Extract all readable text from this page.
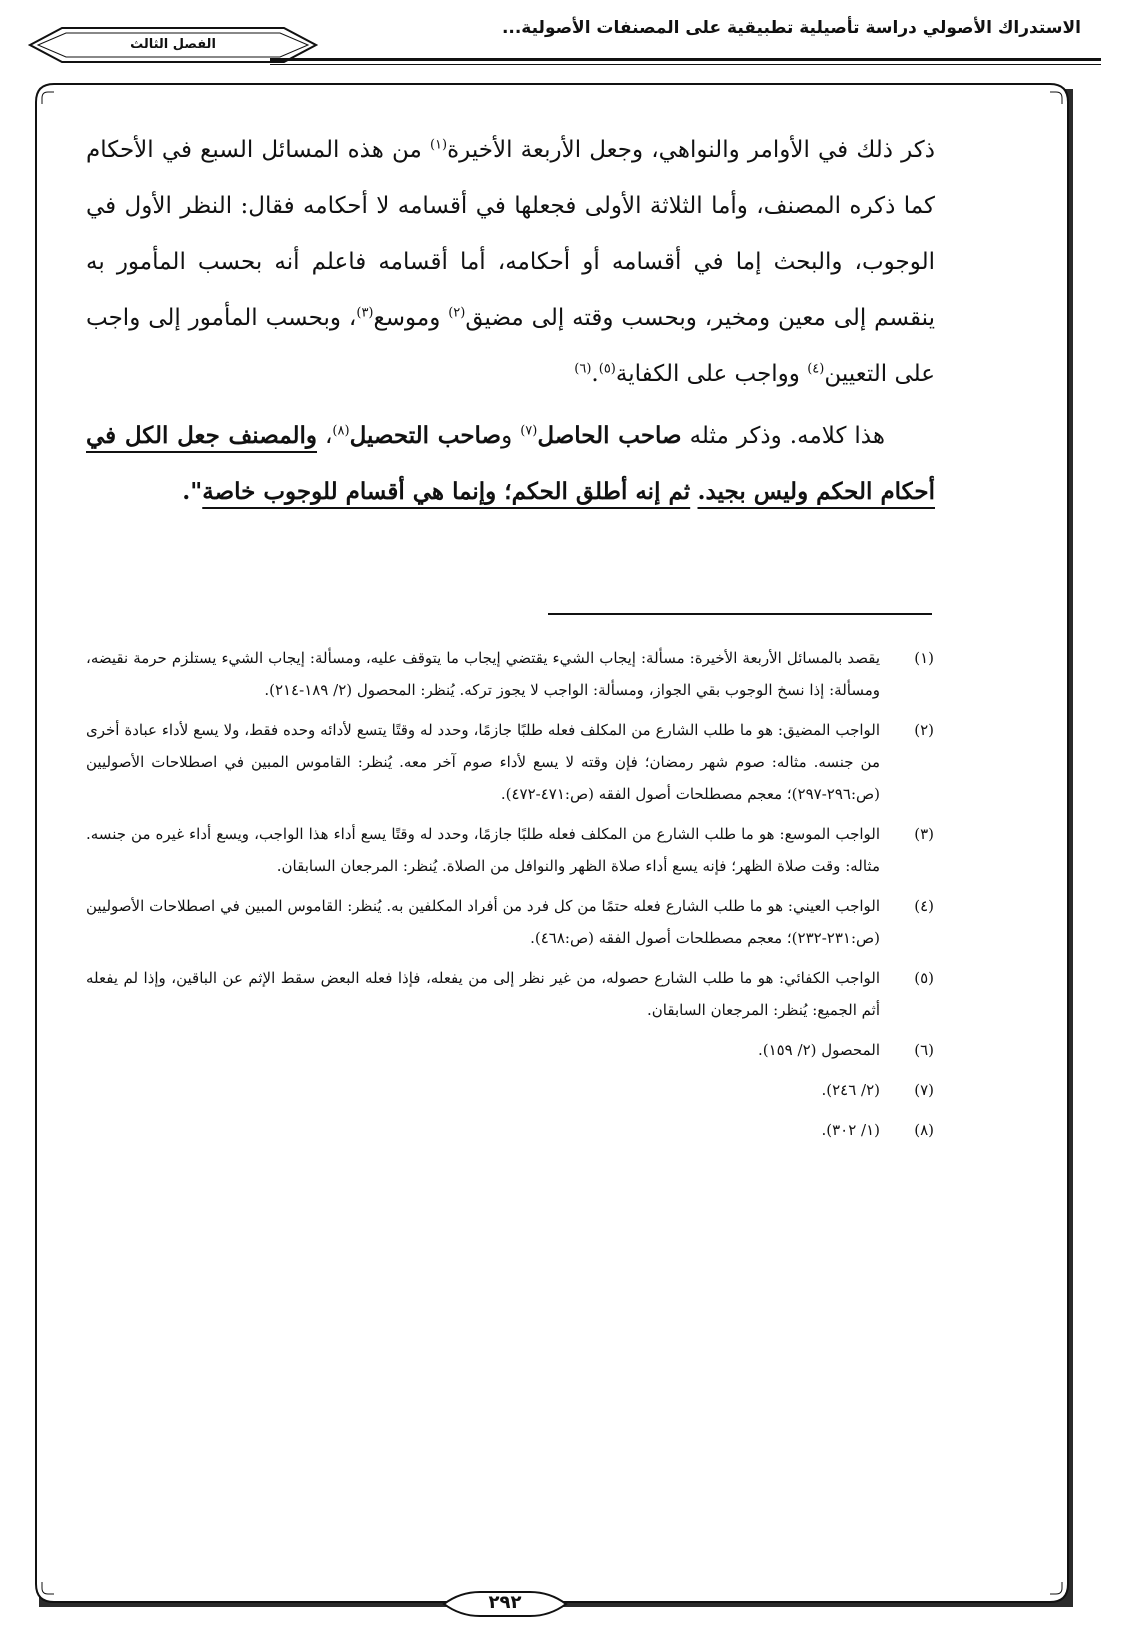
الاستدراك الأصولي دراسة تأصيلية تطبيقية على المصنفات الأصولية...
الفصل الثالث

ذكر ذلك في الأوامر والنواهي، وجعل الأربعة الأخيرة$^{(١)}$ من هذه المسائل السبع في الأحكام كما ذكره المصنف، وأما الثلاثة الأولى فجعلها في أقسامه لا أحكامه فقال: النظر الأول في الوجوب، والبحث إما في أقسامه أو أحكامه، أما أقسامه فاعلم أنه بحسب المأمور به ينقسم إلى معين ومخير، وبحسب وقته إلى مضيق$^{(٢)}$ وموسع$^{(٣)}$، وبحسب المأمور إلى واجب على التعيين$^{(٤)}$ وواجب على الكفاية$^{(٥)}$.$^{(٦)}$

هذا كلامه. وذكر مثله صاحب الحاصل$^{(٧)}$ وصاحب التحصيل$^{(٨)}$، والمصنف جعل الكل في أحكام الحكم وليس بجيد. ثم إنه أطلق الحكم؛ وإنما هي أقسام للوجوب خاصة".

(١)
يقصد بالمسائل الأربعة الأخيرة: مسألة: إيجاب الشيء يقتضي إيجاب ما يتوقف عليه، ومسألة: إيجاب الشيء يستلزم حرمة نقيضه، ومسألة: إذا نسخ الوجوب بقي الجواز، ومسألة: الواجب لا يجوز تركه. يُنظر: المحصول (٢/ ١٨٩-٢١٤).
(٢)
الواجب المضيق: هو ما طلب الشارع من المكلف فعله طلبًا جازمًا، وحدد له وقتًا يتسع لأدائه وحده فقط، ولا يسع لأداء عبادة أخرى من جنسه. مثاله: صوم شهر رمضان؛ فإن وقته لا يسع لأداء صوم آخر معه. يُنظر: القاموس المبين في اصطلاحات الأصوليين (ص:٢٩٦-٢٩٧)؛ معجم مصطلحات أصول الفقه (ص:٤٧١-٤٧٢).
(٣)
الواجب الموسع: هو ما طلب الشارع من المكلف فعله طلبًا جازمًا، وحدد له وقتًا يسع أداء هذا الواجب، ويسع أداء غيره من جنسه. مثاله: وقت صلاة الظهر؛ فإنه يسع أداء صلاة الظهر والنوافل من الصلاة. يُنظر: المرجعان السابقان.
(٤)
الواجب العيني: هو ما طلب الشارع فعله حتمًا من كل فرد من أفراد المكلفين به. يُنظر: القاموس المبين في اصطلاحات الأصوليين (ص:٢٣١-٢٣٢)؛ معجم مصطلحات أصول الفقه (ص:٤٦٨).
(٥)
الواجب الكفائي: هو ما طلب الشارع حصوله، من غير نظر إلى من يفعله، فإذا فعله البعض سقط الإثم عن الباقين، وإذا لم يفعله أثم الجميع: يُنظر: المرجعان السابقان.
(٦)
المحصول (٢/ ١٥٩).
(٧)
(٢/ ٢٤٦).
(٨)
(١/ ٣٠٢).
٢٩٢
